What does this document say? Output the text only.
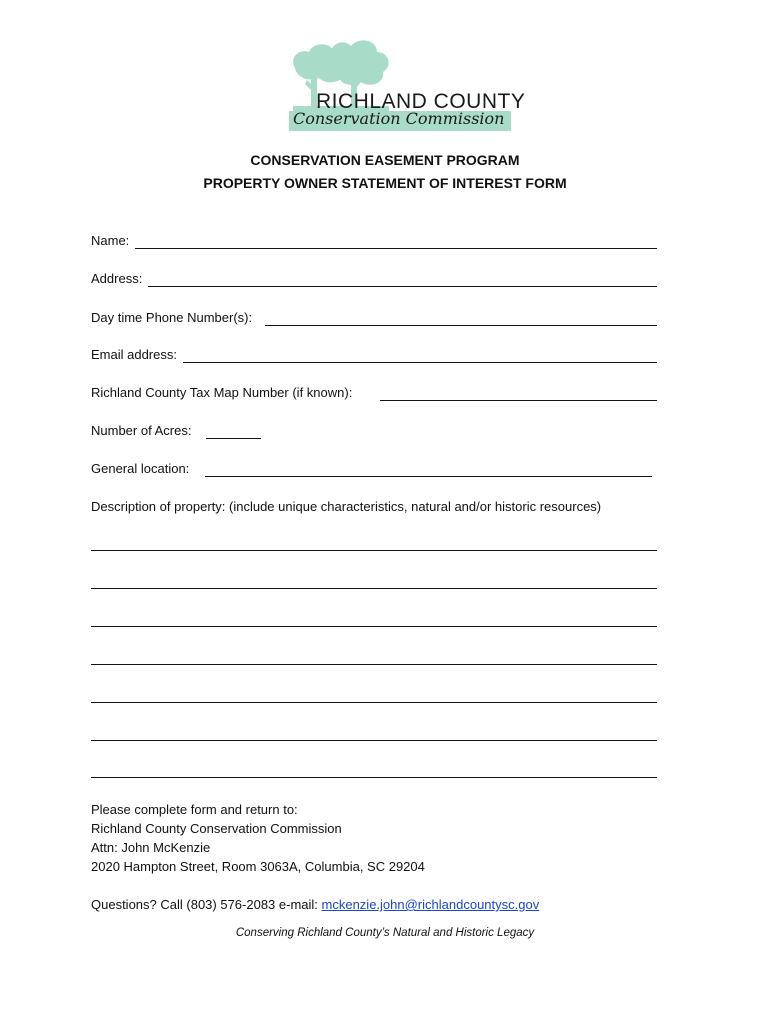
RICHLAND COUNTY
Conservation Commission
CONSERVATION EASEMENT PROGRAM
PROPERTY OWNER STATEMENT OF INTEREST FORM
Name:
Address:
Day time Phone Number(s):
Email address:
Richland County Tax Map Number (if known):
Number of Acres:
General location:
Description of property: (include unique characteristics, natural and/or historic resources)
Please complete form and return to:
Richland County Conservation Commission
Attn: John McKenzie
2020 Hampton Street, Room 3063A, Columbia, SC 29204
Questions? Call (803) 576-2083 e-mail: mckenzie.john@richlandcountysc.gov
Conserving Richland County’s Natural and Historic Legacy
